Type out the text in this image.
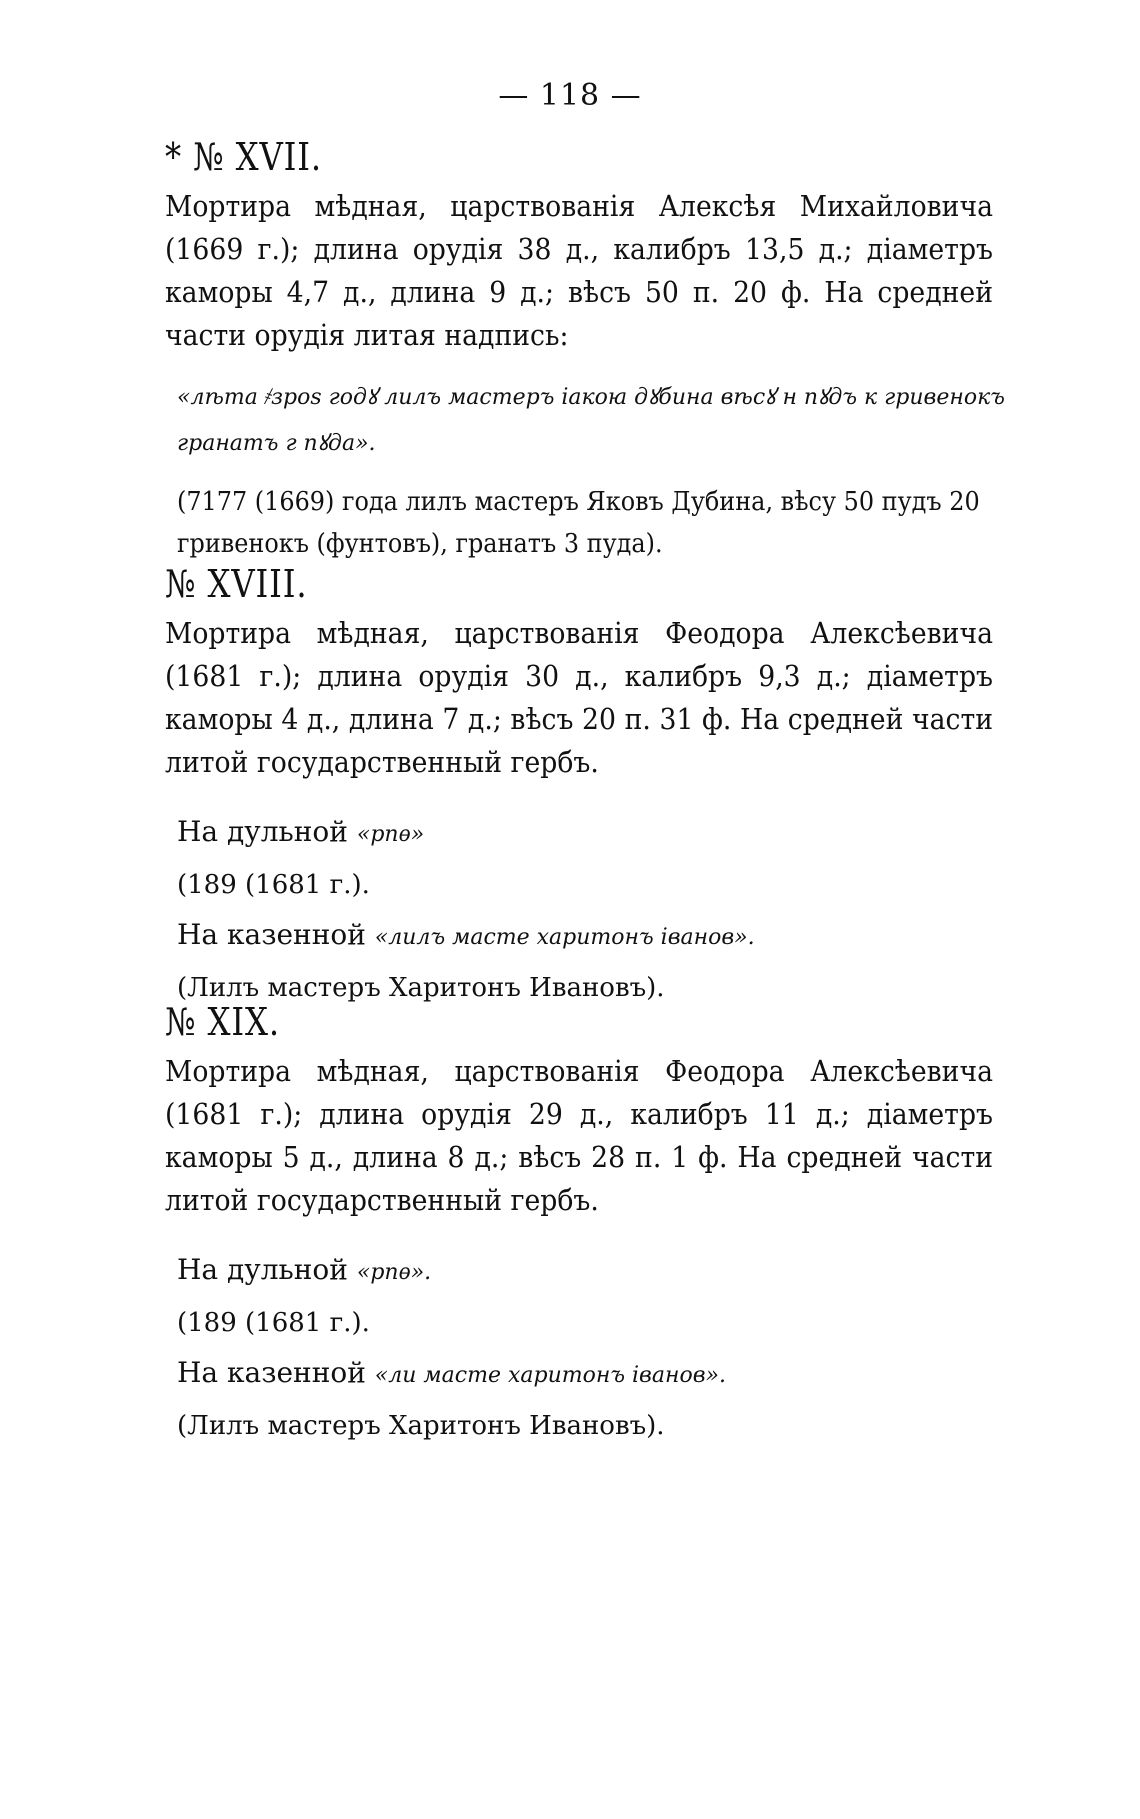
— 118 —
* № XVII.

Мортира мѣдная, царствованія Алексѣя Михайловича (1669 г.); длина орудія 38 д., калибръ 13,5 д.; діаметръ каморы 4,7 д., длина 9 д.; вѣсъ 50 п. 20 ф. На средней части орудія литая надпись:

«лѣта ҂зроѕ годꙋ лилъ мастеръ іакоꙗ дꙋбина вѣсꙋ н пꙋдъ к гривенокъ гранатъ г пꙋда».
(7177 (1669) года лилъ мастеръ Яковъ Дубина, вѣсу 50 пудъ 20 гривенокъ (фунтовъ), гранатъ 3 пуда).
№ XVIII.

Мортира мѣдная, царствованія Феодора Алексѣевича (1681 г.); длина орудія 30 д., калибръ 9,3 д.; діаметръ каморы 4 д., длина 7 д.; вѣсъ 20 п. 31 ф. На средней части литой государственный гербъ.

На дульной «рпѳ»
(189 (1681 г.).
На казенной «лилъ масте харитонъ іванов».
(Лилъ мастеръ Харитонъ Ивановъ).
№ XIX.

Мортира мѣдная, царствованія Феодора Алексѣевича (1681 г.); длина орудія 29 д., калибръ 11 д.; діаметръ каморы 5 д., длина 8 д.; вѣсъ 28 п. 1 ф. На средней части литой государственный гербъ.

На дульной «рпѳ».
(189 (1681 г.).
На казенной «ли масте харитонъ іванов».
(Лилъ мастеръ Харитонъ Ивановъ).
